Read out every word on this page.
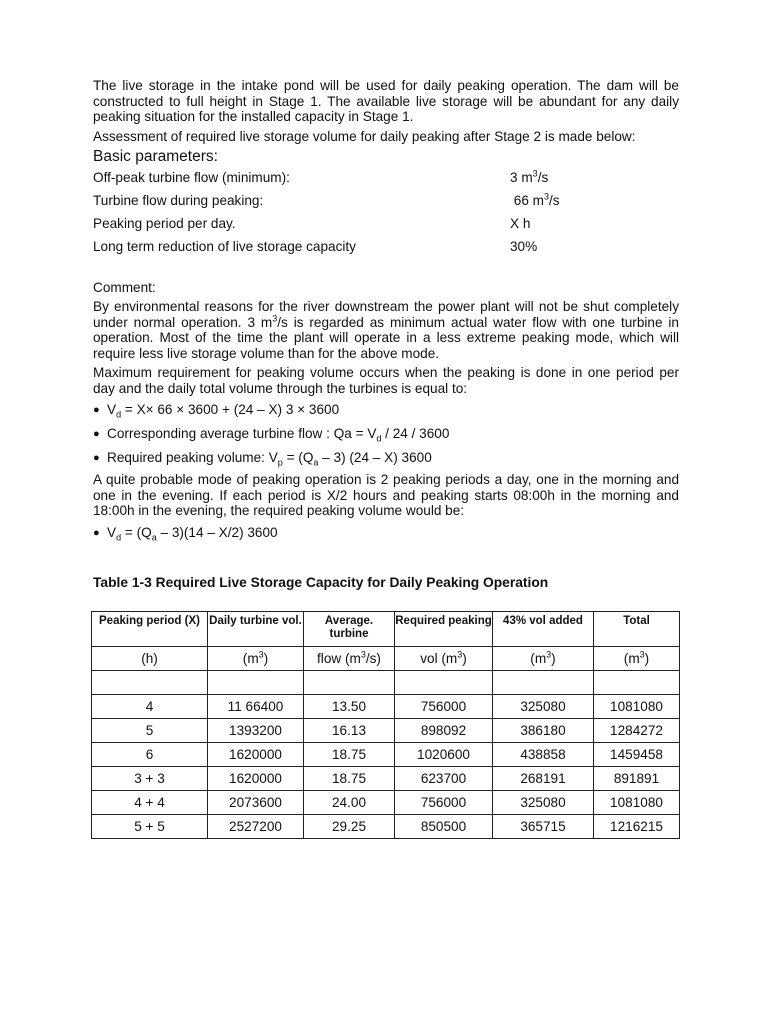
The live storage in the intake pond will be used for daily peaking operation. The dam will be constructed to full height in Stage 1. The available live storage will be abundant for any daily peaking situation for the installed capacity in Stage 1.

Assessment of required live storage volume for daily peaking after Stage 2 is made below:

Basic parameters:

Off-peak turbine flow (minimum):	3 $m^3/s$
Turbine flow during peaking:	66 $m^3/s$
Peaking period per day.	X h
Long term reduction of live storage capacity	30%

Comment:

By environmental reasons for the river downstream the power plant will not be shut completely under normal operation. 3 $m^3/s$ is regarded as minimum actual water flow with one turbine in operation. Most of the time the plant will operate in a less extreme peaking mode, which will require less live storage volume than for the above mode.

Maximum requirement for peaking volume occurs when the peaking is done in one period per day and the daily total volume through the turbines is equal to:

● $V_d = X\times 66 \times 3600 + (24 - X) 3 \times 3600$
● Corresponding average turbine flow : $Qa = V_d / 24 / 3600$
● Required peaking volume: $V_p = (Q_a - 3)$ (24 – X) 3600

A quite probable mode of peaking operation is 2 peaking periods a day, one in the morning and one in the evening. If each period is X/2 hours and peaking starts 08:00h in the morning and 18:00h in the evening, the required peaking volume would be:

● $V_d = (Q_a - 3)(14 - X/2)$ 3600

Table 1-3 Required Live Storage Capacity for Daily Peaking Operation

Peaking period (X)	Daily turbine vol.	Average. turbine	Required peaking	43% vol added	Total
(h)	$(m^3)$	flow $(m^3/s)$	vol $(m^3)$	$(m^3)$	$(m^3)$

4	11 66400	13.50	756000	325080	1081080
5	1393200	16.13	898092	386180	1284272
6	1620000	18.75	1020600	438858	1459458
3 + 3	1620000	18.75	623700	268191	891891
4 + 4	2073600	24.00	756000	325080	1081080
5 + 5	2527200	29.25	850500	365715	1216215
